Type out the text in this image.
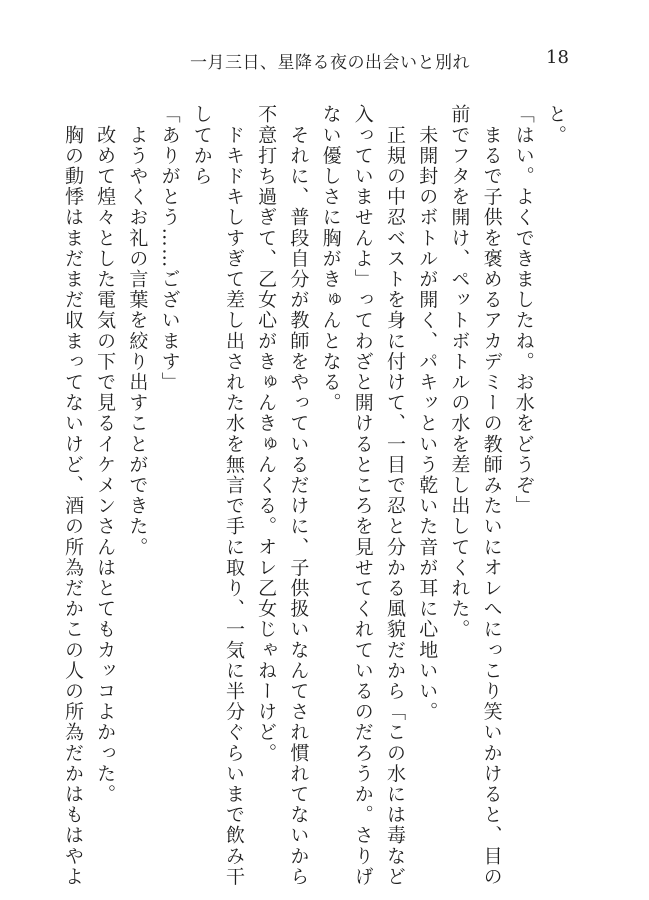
一月三日、星降る夜の出会いと別れ	18

と。

「はい。よくできましたね。お水をどうぞ」

　まるで子供を褒めるアカデミーの教師みたいにオレへにっこり笑いかけると、目の

前でフタを開け、ペットボトルの水を差し出してくれた。

　未開封のボトルが開く、パキッという乾いた音が耳に心地いい。

　正規の中忍ベストを身に付けて、一目で忍と分かる風貌だから「この水には毒など

入っていませんよ」ってわざと開けるところを見せてくれているのだろうか。さりげ

ない優しさに胸がきゅんとなる。

　それに、普段自分が教師をやっているだけに、子供扱いなんてされ慣れてないから

不意打ち過ぎて、乙女心がきゅんきゅんくる。オレ乙女じゃねーけど。

　ドキドキしすぎて差し出された水を無言で手に取り、一気に半分ぐらいまで飲み干

してから

「ありがとう……ございます」

　ようやくお礼の言葉を絞り出すことができた。

　改めて煌々とした電気の下で見るイケメンさんはとてもカッコよかった。

　胸の動悸はまだまだ収まってないけど、酒の所為だかこの人の所為だかはもはやよ
